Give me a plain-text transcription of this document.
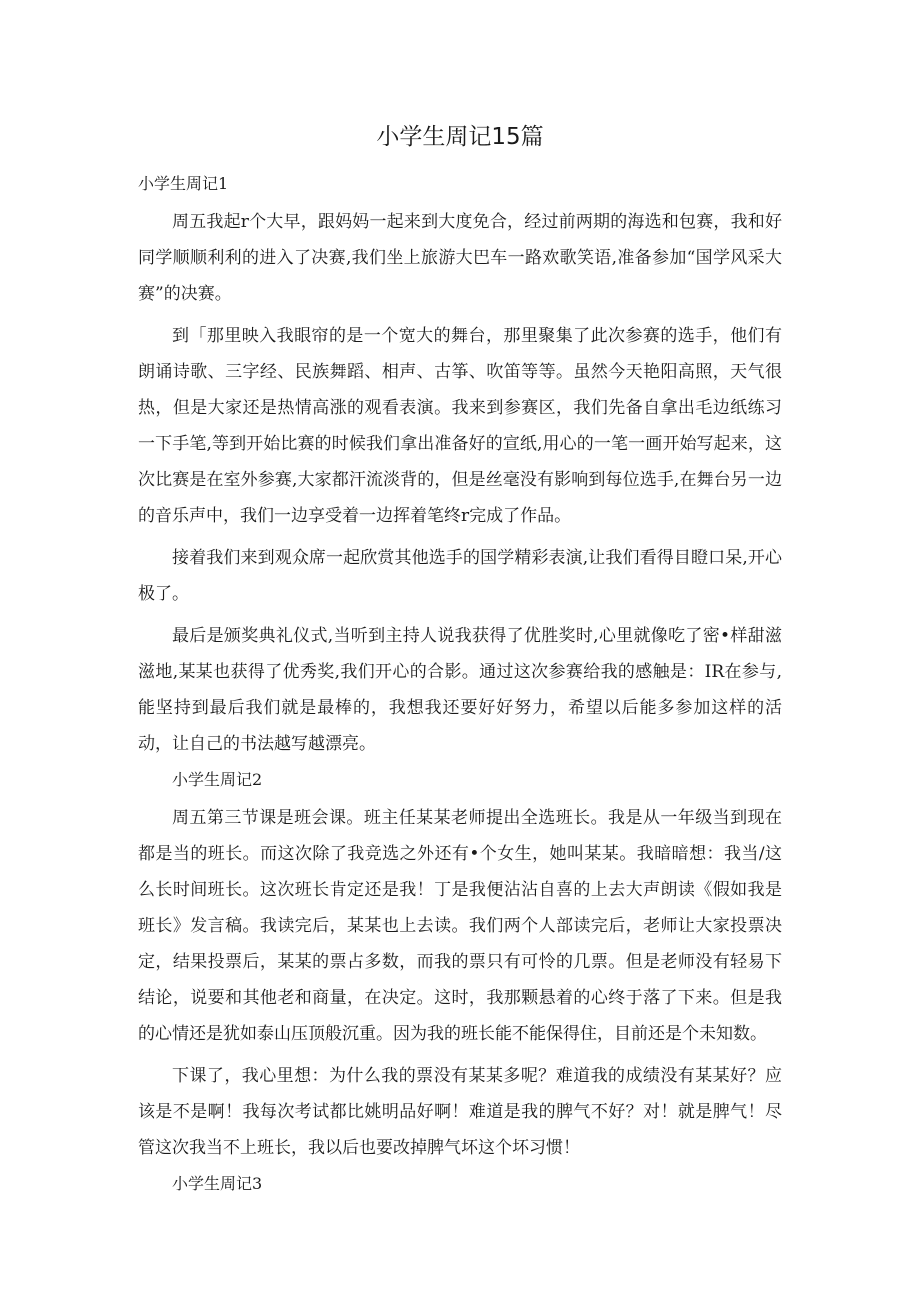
小学生周记15篇
小学生周记1

周五我起r个大早，跟妈妈一起来到大度免合，经过前两期的海选和包赛，我和好同学顺顺利利的进入了决赛,我们坐上旅游大巴车一路欢歌笑语,准备参加“国学风采大赛”的决赛。

到「那里映入我眼帘的是一个宽大的舞台，那里聚集了此次参赛的选手，他们有朗诵诗歌、三字经、民族舞蹈、相声、古筝、吹笛等等。虽然今天艳阳高照，天气很热，但是大家还是热情高涨的观看表演。我来到参赛区，我们先备自拿出毛边纸练习一下手笔,等到开始比赛的时候我们拿出准备好的宣纸,用心的一笔一画开始写起来，这次比赛是在室外参赛,大家都汗流淡背的，但是丝毫没有影响到每位选手,在舞台另一边的音乐声中，我们一边享受着一边挥着笔终r完成了作品。

接着我们来到观众席一起欣赏其他选手的国学精彩表演,让我们看得目瞪口呆,开心极了。

最后是颁奖典礼仪式,当听到主持人说我获得了优胜奖时,心里就像吃了密•样甜滋滋地,某某也获得了优秀奖,我们开心的合影。通过这次参赛给我的感触是：IR在参与,能坚持到最后我们就是最棒的，我想我还要好好努力，希望以后能多参加这样的活动，让自己的书法越写越漂亮。

小学生周记2

周五第三节课是班会课。班主任某某老师提出全选班长。我是从一年级当到现在都是当的班长。而这次除了我竞选之外还有•个女生，她叫某某。我暗暗想：我当/这么长时间班长。这次班长肯定还是我！丁是我便沾沾自喜的上去大声朗读《假如我是班长》发言稿。我读完后，某某也上去读。我们两个人部读完后，老师让大家投票决定，结果投票后，某某的票占多数，而我的票只有可怜的几票。但是老师没有轻易下结论，说要和其他老和商量，在决定。这时，我那颗悬着的心终于落了下来。但是我的心情还是犹如泰山压顶般沉重。因为我的班长能不能保得住，目前还是个未知数。

下课了，我心里想：为什么我的票没有某某多呢？难道我的成绩没有某某好？应该是不是啊！我每次考试都比姚明品好啊！难道是我的脾气不好？对！就是脾气！尽管这次我当不上班长，我以后也要改掉脾气坏这个坏习惯！

小学生周记3
